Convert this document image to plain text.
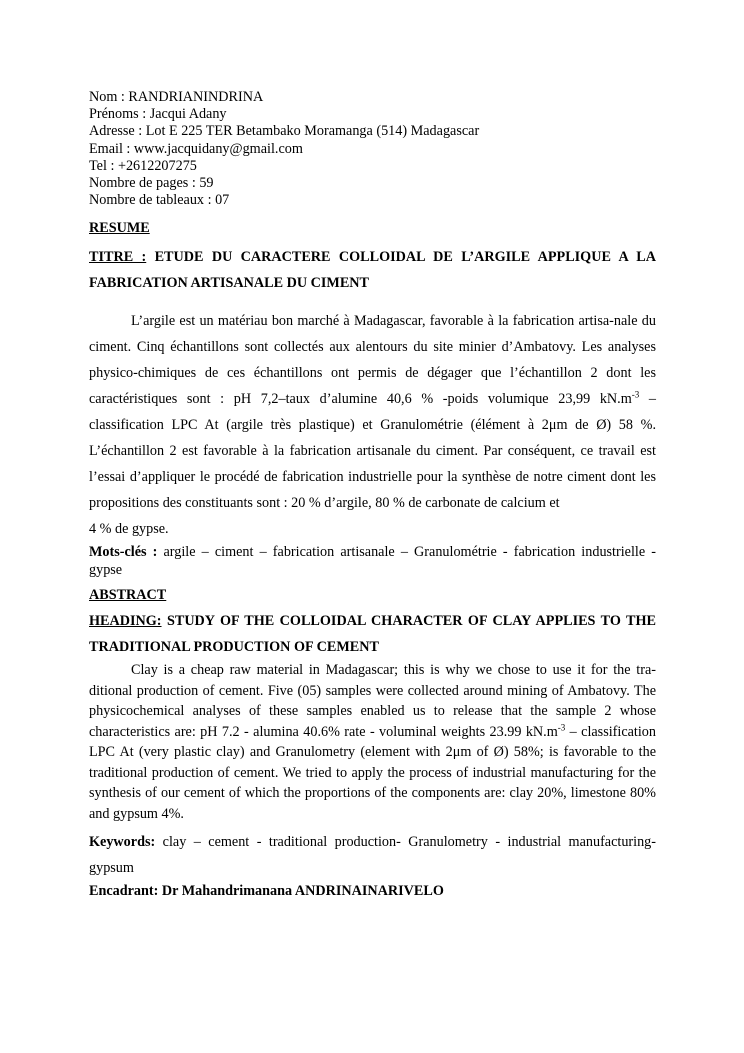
Nom : RANDRIANINDRINA
Prénoms : Jacqui Adany
Adresse : Lot E 225 TER Betambako Moramanga (514) Madagascar
Email : www.jacquidany@gmail.com
Tel : +2612207275
Nombre de pages : 59
Nombre de tableaux : 07
RESUME
TITRE : ETUDE DU CARACTERE COLLOIDAL DE L’ARGILE APPLIQUE A LA FABRICATION ARTISANALE DU CIMENT
L’argile est un matériau bon marché à Madagascar, favorable à la fabrication artisa-nale du ciment. Cinq échantillons sont collectés aux alentours du site minier d’Ambatovy. Les analyses physico-chimiques de ces échantillons ont permis de dégager que l’échantillon 2 dont les caractéristiques sont : pH 7,2–taux d’alumine 40,6 % -poids volumique 23,99 $kN.m^{-3}$ – classification LPC At (argile très plastique) et Granulométrie (élément à 2μm de Ø) 58 %. L’échantillon 2 est favorable à la fabrication artisanale du ciment. Par conséquent, ce travail est l’essai d’appliquer le procédé de fabrication industrielle pour la synthèse de notre ciment dont les propositions des constituants sont : 20 % d’argile, 80 % de carbonate de calcium et
4 % de gypse.
Mots-clés : argile – ciment – fabrication artisanale – Granulométrie - fabrication industrielle - gypse
ABSTRACT
HEADING: STUDY OF THE COLLOIDAL CHARACTER OF CLAY APPLIES TO THE TRADITIONAL PRODUCTION OF CEMENT
Clay is a cheap raw material in Madagascar; this is why we chose to use it for the tra-ditional production of cement. Five (05) samples were collected around mining of Ambatovy. The physicochemical analyses of these samples enabled us to release that the sample 2 whose characteristics are: pH 7.2 - alumina 40.6% rate - voluminal weights 23.99 $kN.m^{-3}$ – classification LPC At (very plastic clay) and Granulometry (element with 2μm of Ø) 58%; is favorable to the traditional production of cement. We tried to apply the process of industrial manufacturing for the synthesis of our cement of which the proportions of the components are: clay 20%, limestone 80% and gypsum 4%.
Keywords: clay – cement - traditional production- Granulometry - industrial manufacturing-gypsum
Encadrant: Dr Mahandrimanana ANDRINAINARIVELO
